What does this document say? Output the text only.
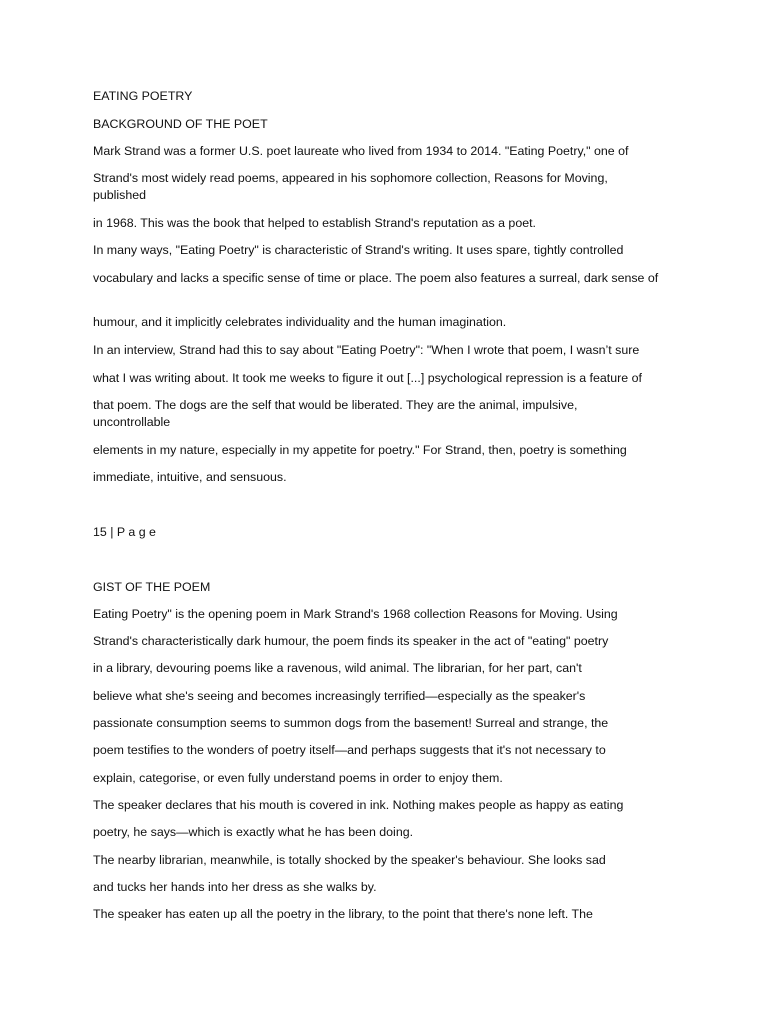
EATING POETRY

BACKGROUND OF THE POET

Mark Strand was a former U.S. poet laureate who lived from 1934 to 2014. "Eating Poetry," one of

Strand's most widely read poems, appeared in his sophomore collection, Reasons for Moving, published

in 1968. This was the book that helped to establish Strand's reputation as a poet.

In many ways, "Eating Poetry" is characteristic of Strand's writing. It uses spare, tightly controlled

vocabulary and lacks a specific sense of time or place. The poem also features a surreal, dark sense of

humour, and it implicitly celebrates individuality and the human imagination.

In an interview, Strand had this to say about "Eating Poetry": "When I wrote that poem, I wasn’t sure

what I was writing about. It took me weeks to figure it out [...] psychological repression is a feature of

that poem. The dogs are the self that would be liberated. They are the animal, impulsive, uncontrollable

elements in my nature, especially in my appetite for poetry." For Strand, then, poetry is something

immediate, intuitive, and sensuous.

15 | P a g e

GIST OF THE POEM

Eating Poetry" is the opening poem in Mark Strand's 1968 collection Reasons for Moving. Using

Strand's characteristically dark humour, the poem finds its speaker in the act of "eating" poetry

in a library, devouring poems like a ravenous, wild animal. The librarian, for her part, can't

believe what she's seeing and becomes increasingly terrified—especially as the speaker's

passionate consumption seems to summon dogs from the basement! Surreal and strange, the

poem testifies to the wonders of poetry itself—and perhaps suggests that it's not necessary to

explain, categorise, or even fully understand poems in order to enjoy them.

The speaker declares that his mouth is covered in ink. Nothing makes people as happy as eating

poetry, he says—which is exactly what he has been doing.

The nearby librarian, meanwhile, is totally shocked by the speaker's behaviour. She looks sad

and tucks her hands into her dress as she walks by.

The speaker has eaten up all the poetry in the library, to the point that there's none left. The
